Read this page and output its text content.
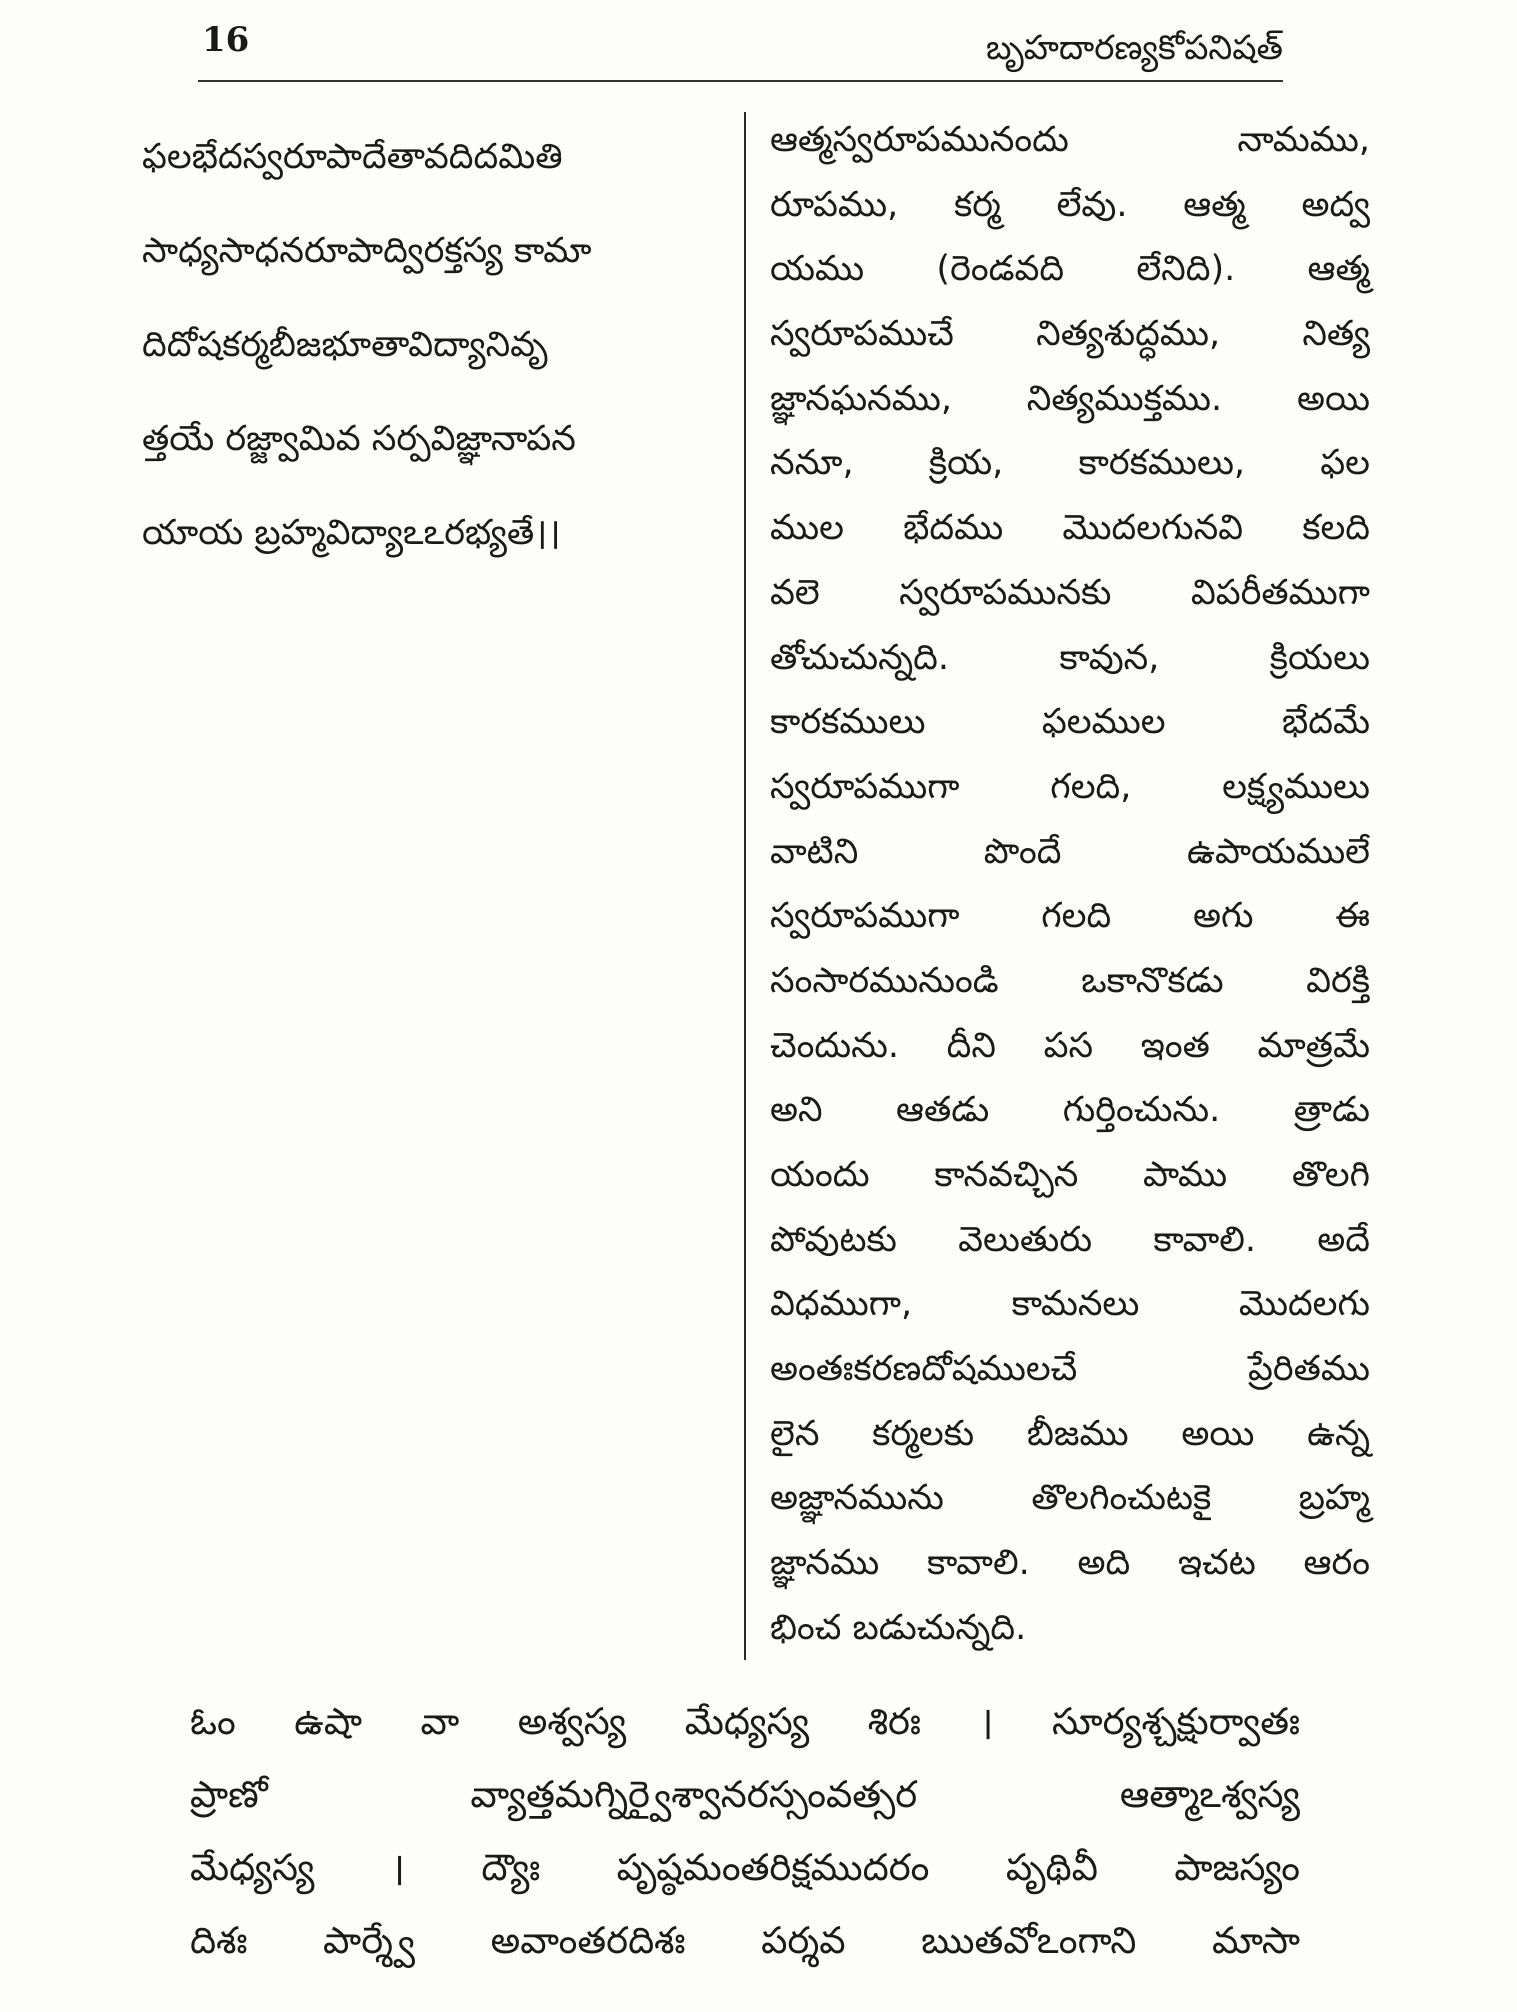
16	బృహదారణ్యకోపనిషత్
ఫలభేదస్వరూపాదేతావదిదమితి
సాధ్యసాధనరూపాద్విరక్తస్య కామా
దిదోషకర్మబీజభూతావిద్యానివృ
త్తయే రజ్జ్వామివ సర్పవిజ్ఞానాపన
యాయ బ్రహ్మవిద్యాఽఽరభ్యతే।।
ఆత్మస్వరూపమునందు నామము,
రూపము, కర్మ లేవు. ఆత్మ అద్వ
యము (రెండవది లేనిది). ఆత్మ
స్వరూపముచే నిత్యశుద్ధము, నిత్య
జ్ఞానఘనము, నిత్యముక్తము. అయి
ననూ, క్రియ, కారకములు, ఫల
ముల భేదము మొదలగునవి కలది
వలె స్వరూపమునకు విపరీతముగా
తోచుచున్నది. కావున, క్రియలు
కారకములు ఫలముల భేదమే
స్వరూపముగా గలది, లక్ష్యములు
వాటిని పొందే ఉపాయములే
స్వరూపముగా గలది అగు ఈ
సంసారమునుండి ఒకానొకడు విరక్తి
చెందును. దీని పస ఇంత మాత్రమే
అని ఆతడు గుర్తించును. త్రాడు
యందు కానవచ్చిన పాము తొలగి
పోవుటకు వెలుతురు కావాలి. అదే
విధముగా, కామనలు మొదలగు
అంతఃకరణదోషములచే ప్రేరితము
లైన కర్మలకు బీజము అయి ఉన్న
అజ్ఞానమును తొలగించుటకై బ్రహ్మ
జ్ఞానము కావాలి. అది ఇచట ఆరం
భించ బడుచున్నది.
ఓం ఉషా వా అశ్వస్య మేధ్యస్య శిరః । సూర్యశ్చక్షుర్వాతః
ప్రాణో వ్యాత్తమగ్నిర్వైశ్వానరస్సంవత్సర ఆత్మాఽశ్వస్య
మేధ్యస్య । ద్యౌః పృష్ఠమంతరిక్షముదరం పృథివీ పాజస్యం
దిశః పార్శ్వే అవాంతరదిశః పర్శవ ఋతవోఽంగాని మాసా
